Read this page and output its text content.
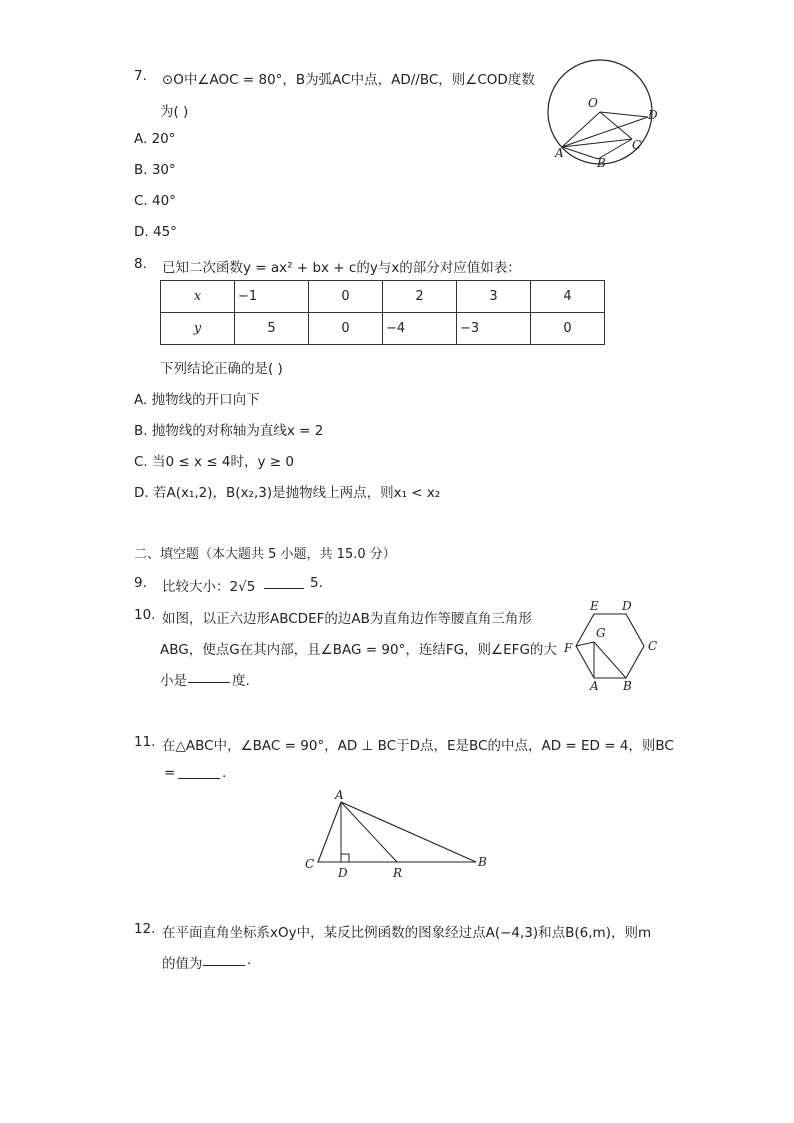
7. ⊙O中∠AOC = 80°，B为弧AC中点，AD//BC，则∠COD度数
为( )
A. 20°
B. 30°
C. 40°
D. 45°
O
D
A
B
C
8. 已知二次函数y = ax² + bx + c的y与x的部分对应值如表：
x	−1	0	2	3	4
y	5	0	−4	−3	0
下列结论正确的是( )
A. 抛物线的开口向下
B. 抛物线的对称轴为直线x = 2
C. 当0 ≤ x ≤ 4时，y ≥ 0
D. 若A(x₁,2)，B(x₂,3)是抛物线上两点，则x₁ < x₂
二、填空题（本大题共 5 小题，共 15.0 分）
9. 比较大小：2√5	5.
10. 如图，以正六边形ABCDEF的边AB为直角边作等腰直角三角形
ABG，使点G在其内部，且∠BAG = 90°，连结FG，则∠EFG的大
小是	度.
E D
G
F	C
A B
11. 在△ABC中，∠BAC = 90°，AD ⊥ BC于D点，E是BC的中点，AD = ED = 4，则BC
=	.
A
C
D	R
B
12. 在平面直角坐标系xOy中，某反比例函数的图象经过点A(−4,3)和点B(6,m)，则m
的值为	.
